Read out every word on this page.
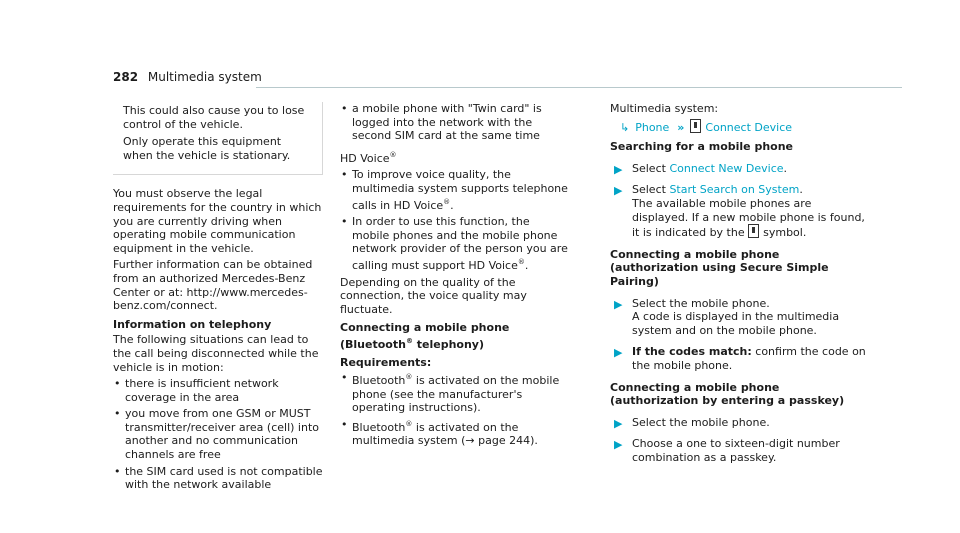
282 Multimedia system

This could also cause you to lose control of the vehicle.

Only operate this equipment when the vehicle is stationary.

You must observe the legal requirements for the country in which you are currently driving when operating mobile communication equipment in the vehicle.

Further information can be obtained from an authorized Mercedes-Benz Center or at: http://www.mercedes-benz.com/connect.

Information on telephony

The following situations can lead to the call being disconnected while the vehicle is in motion:

• there is insufficient network coverage in the area
• you move from one GSM or MUST transmitter/receiver area (cell) into another and no communication channels are free
• the SIM card used is not compatible with the network available
• a mobile phone with "Twin card" is logged into the network with the second SIM card at the same time

HD Voice®

• To improve voice quality, the multimedia system supports telephone calls in HD Voice®.
• In order to use this function, the mobile phones and the mobile phone network provider of the person you are calling must support HD Voice®.

Depending on the quality of the connection, the voice quality may fluctuate.

Connecting a mobile phone (Bluetooth® telephony)

Requirements:

• Bluetooth® is activated on the mobile phone (see the manufacturer's operating instructions).
• Bluetooth® is activated on the multimedia system (→ page 244).

Multimedia system:

↳ Phone » Connect Device

Searching for a mobile phone

▶ Select Connect New Device.
▶ Select Start Search on System.
The available mobile phones are displayed. If a new mobile phone is found, it is indicated by the symbol.

Connecting a mobile phone (authorization using Secure Simple Pairing)

▶ Select the mobile phone.
A code is displayed in the multimedia system and on the mobile phone.
▶ If the codes match: confirm the code on the mobile phone.

Connecting a mobile phone (authorization by entering a passkey)

▶ Select the mobile phone.
▶ Choose a one to sixteen-digit number combination as a passkey.
